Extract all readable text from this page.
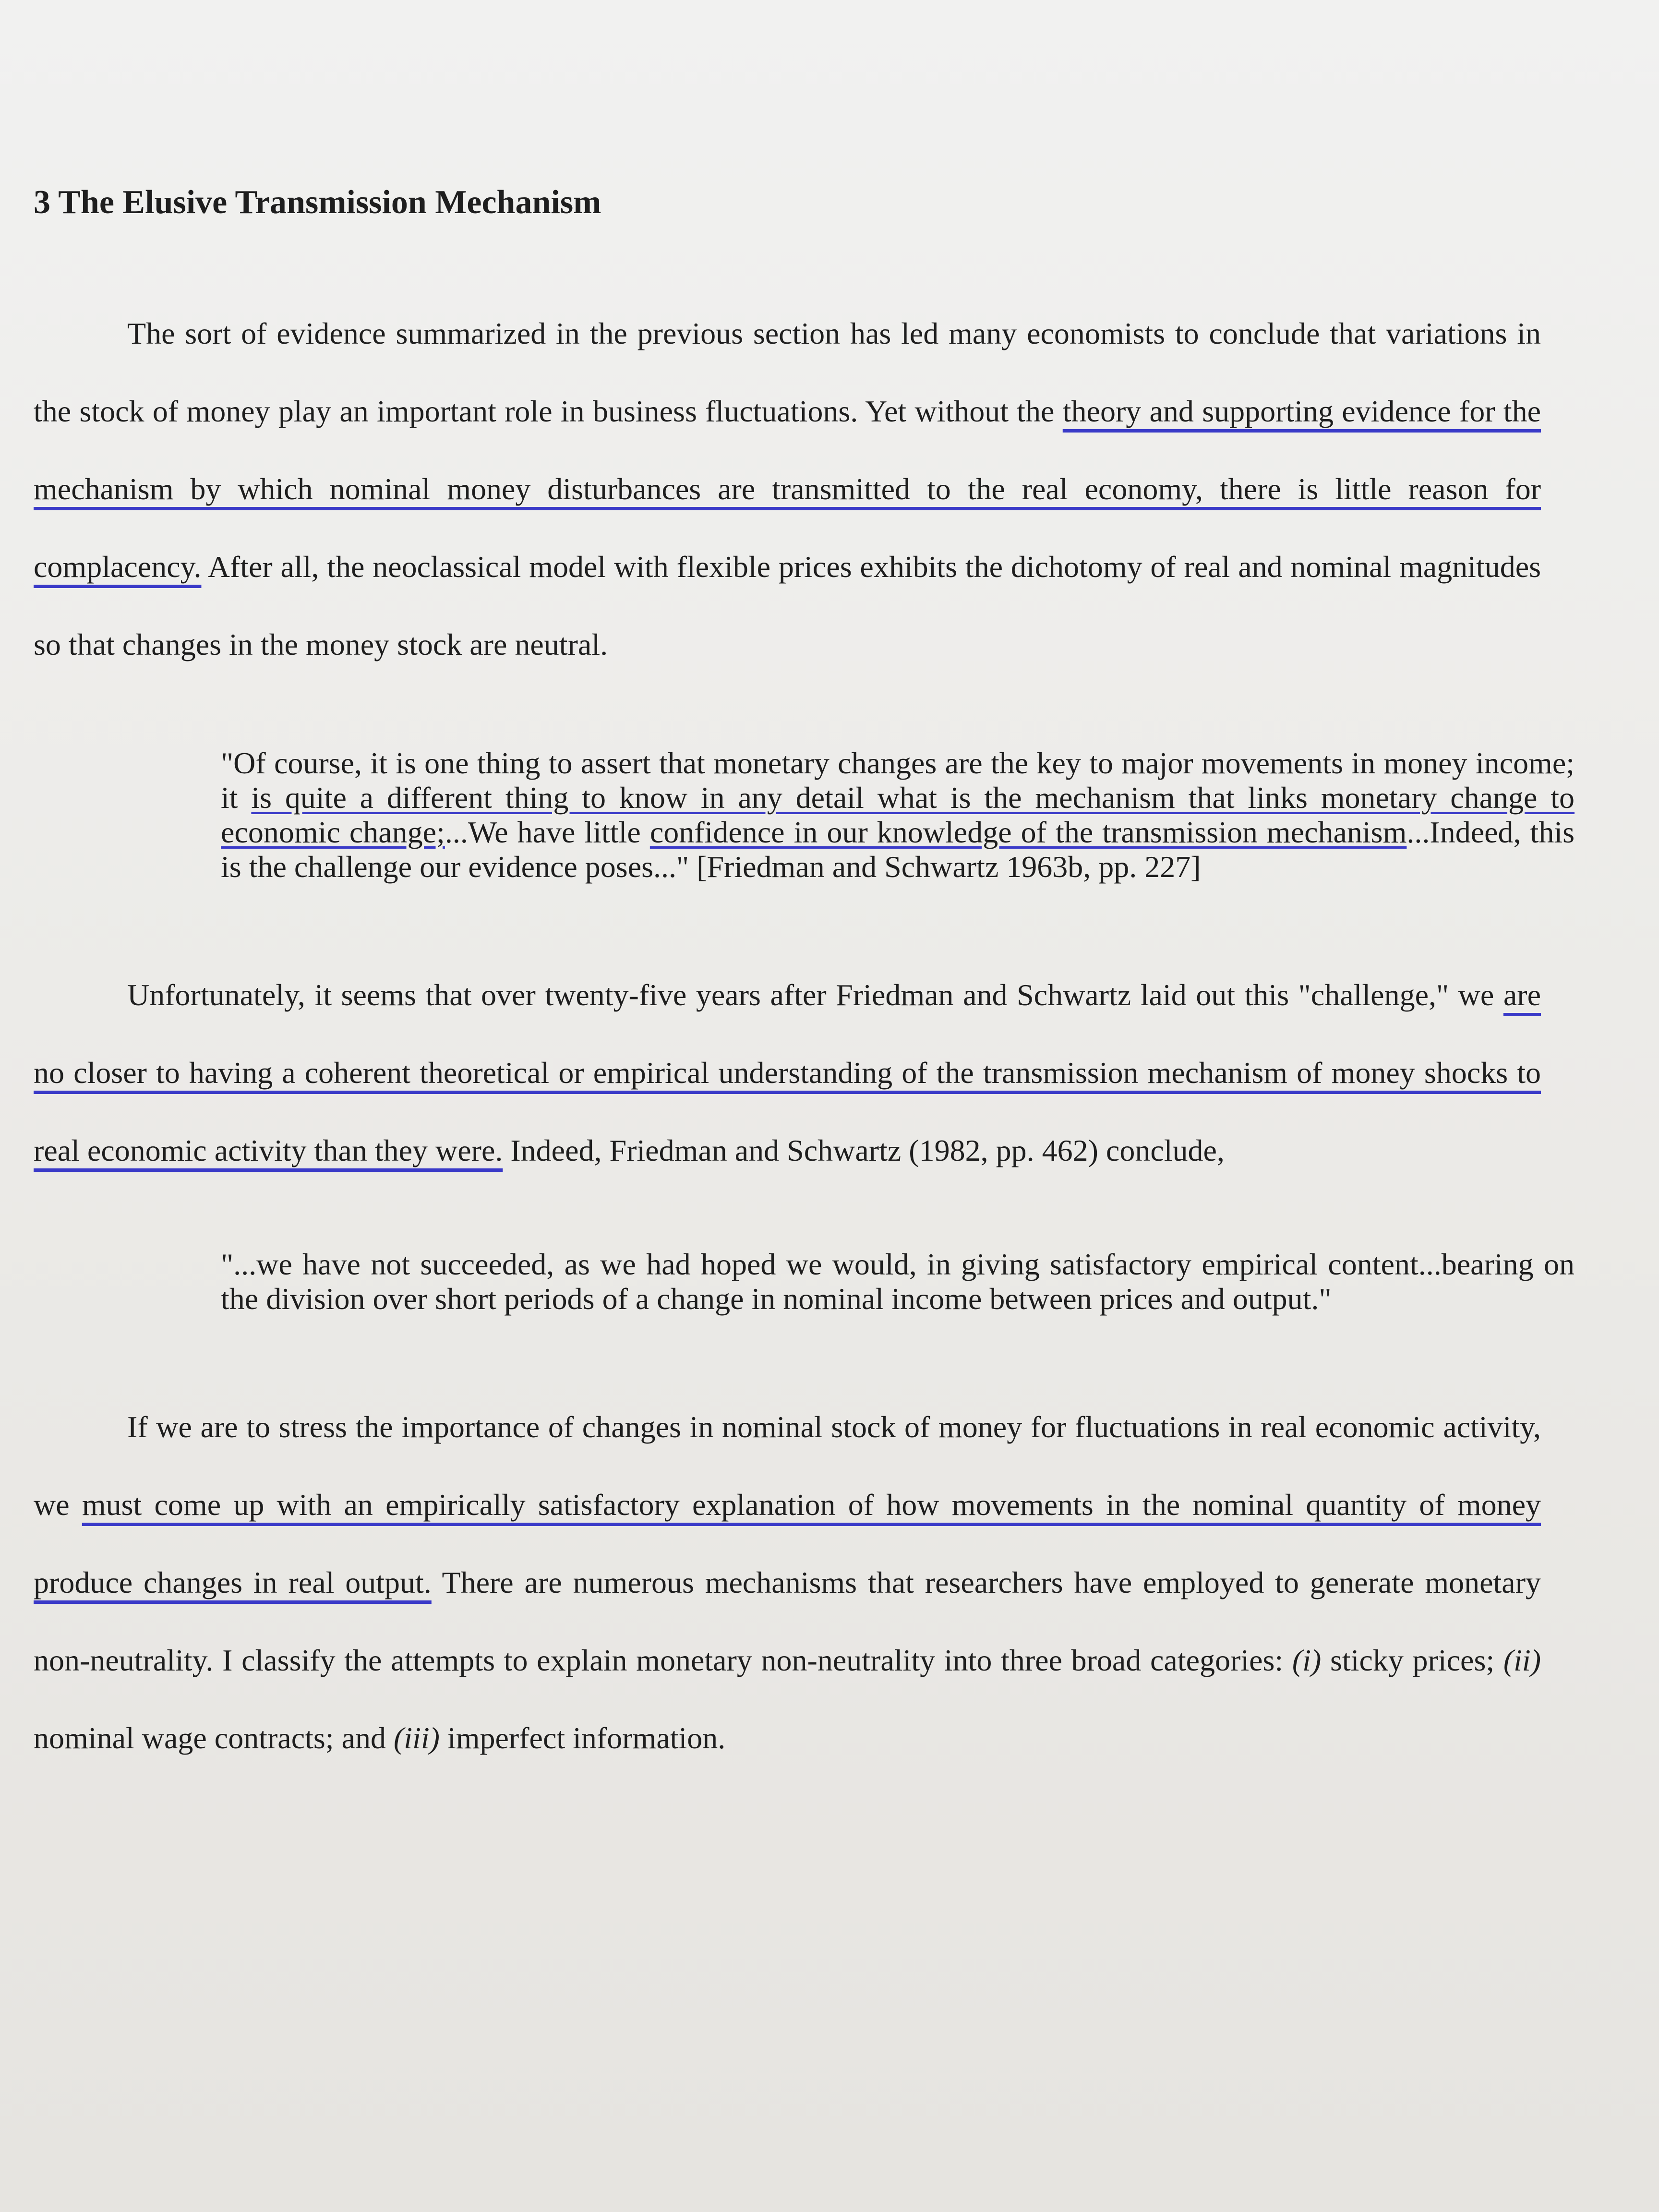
3 The Elusive Transmission Mechanism

The sort of evidence summarized in the previous section has led many economists to conclude that variations in the stock of money play an important role in business fluctuations. Yet without the theory and supporting evidence for the mechanism by which nominal money disturbances are transmitted to the real economy, there is little reason for complacency. After all, the neoclassical model with flexible prices exhibits the dichotomy of real and nominal magnitudes so that changes in the money stock are neutral.

"Of course, it is one thing to assert that monetary changes are the key to major movements in money income; it is quite a different thing to know in any detail what is the mechanism that links monetary change to economic change;...We have little confidence in our knowledge of the transmission mechanism...Indeed, this is the challenge our evidence poses..." [Friedman and Schwartz 1963b, pp. 227]

Unfortunately, it seems that over twenty-five years after Friedman and Schwartz laid out this "challenge," we are no closer to having a coherent theoretical or empirical understanding of the transmission mechanism of money shocks to real economic activity than they were. Indeed, Friedman and Schwartz (1982, pp. 462) conclude,

"...we have not succeeded, as we had hoped we would, in giving satisfactory empirical content...bearing on the division over short periods of a change in nominal income between prices and output."

If we are to stress the importance of changes in nominal stock of money for fluctuations in real economic activity, we must come up with an empirically satisfactory explanation of how movements in the nominal quantity of money produce changes in real output. There are numerous mechanisms that researchers have employed to generate monetary non-neutrality. I classify the attempts to explain monetary non-neutrality into three broad categories: (i) sticky prices; (ii) nominal wage contracts; and (iii) imperfect information.
